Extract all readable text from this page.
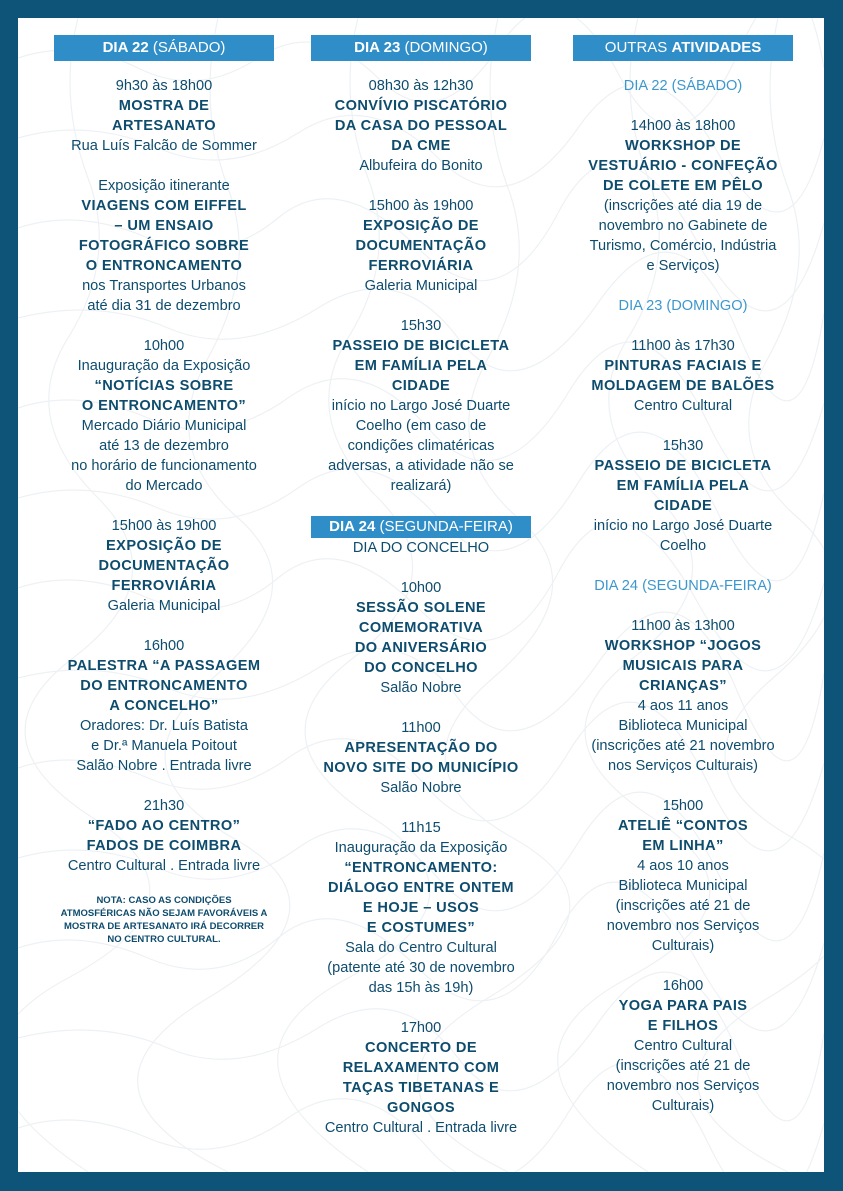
DIA 22 (SÁBADO)
9h30 às 18h00
MOSTRA DE
ARTESANATO
Rua Luís Falcão de Sommer
Exposição itinerante
VIAGENS COM EIFFEL
– UM ENSAIO
FOTOGRÁFICO SOBRE
O ENTRONCAMENTO
nos Transportes Urbanos
até dia 31 de dezembro
10h00
Inauguração da Exposição
“NOTÍCIAS SOBRE
O ENTRONCAMENTO”
Mercado Diário Municipal
até 13 de dezembro
no horário de funcionamento
do Mercado
15h00 às 19h00
EXPOSIÇÃO DE
DOCUMENTAÇÃO
FERROVIÁRIA
Galeria Municipal
16h00
PALESTRA “A PASSAGEM
DO ENTRONCAMENTO
A CONCELHO”
Oradores: Dr. Luís Batista
e Dr.ª Manuela Poitout
Salão Nobre . Entrada livre
21h30
“FADO AO CENTRO”
FADOS DE COIMBRA
Centro Cultural . Entrada livre
NOTA: CASO AS CONDIÇÕES
ATMOSFÉRICAS NÃO SEJAM FAVORÁVEIS A
MOSTRA DE ARTESANATO IRÁ DECORRER
NO CENTRO CULTURAL.
DIA 23 (DOMINGO)
08h30 às 12h30
CONVÍVIO PISCATÓRIO
DA CASA DO PESSOAL
DA CME
Albufeira do Bonito
15h00 às 19h00
EXPOSIÇÃO DE
DOCUMENTAÇÃO
FERROVIÁRIA
Galeria Municipal
15h30
PASSEIO DE BICICLETA
EM FAMÍLIA PELA
CIDADE
início no Largo José Duarte
Coelho (em caso de
condições climatéricas
adversas, a atividade não se
realizará)
DIA 24 (SEGUNDA-FEIRA)
DIA DO CONCELHO
10h00
SESSÃO SOLENE
COMEMORATIVA
DO ANIVERSÁRIO
DO CONCELHO
Salão Nobre
11h00
APRESENTAÇÃO DO
NOVO SITE DO MUNICÍPIO
Salão Nobre
11h15
Inauguração da Exposição
“ENTRONCAMENTO:
DIÁLOGO ENTRE ONTEM
E HOJE – USOS
E COSTUMES”
Sala do Centro Cultural
(patente até 30 de novembro
das 15h às 19h)
17h00
CONCERTO DE
RELAXAMENTO COM
TAÇAS TIBETANAS E
GONGOS
Centro Cultural . Entrada livre
OUTRAS ATIVIDADES
DIA 22 (SÁBADO)
14h00 às 18h00
WORKSHOP DE
VESTUÁRIO - CONFEÇÃO
DE COLETE EM PÊLO
(inscrições até dia 19 de
novembro no Gabinete de
Turismo, Comércio, Indústria
e Serviços)
DIA 23 (DOMINGO)
11h00 às 17h30
PINTURAS FACIAIS E
MOLDAGEM DE BALÕES
Centro Cultural
15h30
PASSEIO DE BICICLETA
EM FAMÍLIA PELA
CIDADE
início no Largo José Duarte
Coelho
DIA 24 (SEGUNDA-FEIRA)
11h00 às 13h00
WORKSHOP “JOGOS
MUSICAIS PARA
CRIANÇAS”
4 aos 11 anos
Biblioteca Municipal
(inscrições até 21 novembro
nos Serviços Culturais)
15h00
ATELIÊ “CONTOS
EM LINHA”
4 aos 10 anos
Biblioteca Municipal
(inscrições até 21 de
novembro nos Serviços
Culturais)
16h00
YOGA PARA PAIS
E FILHOS
Centro Cultural
(inscrições até 21 de
novembro nos Serviços
Culturais)
